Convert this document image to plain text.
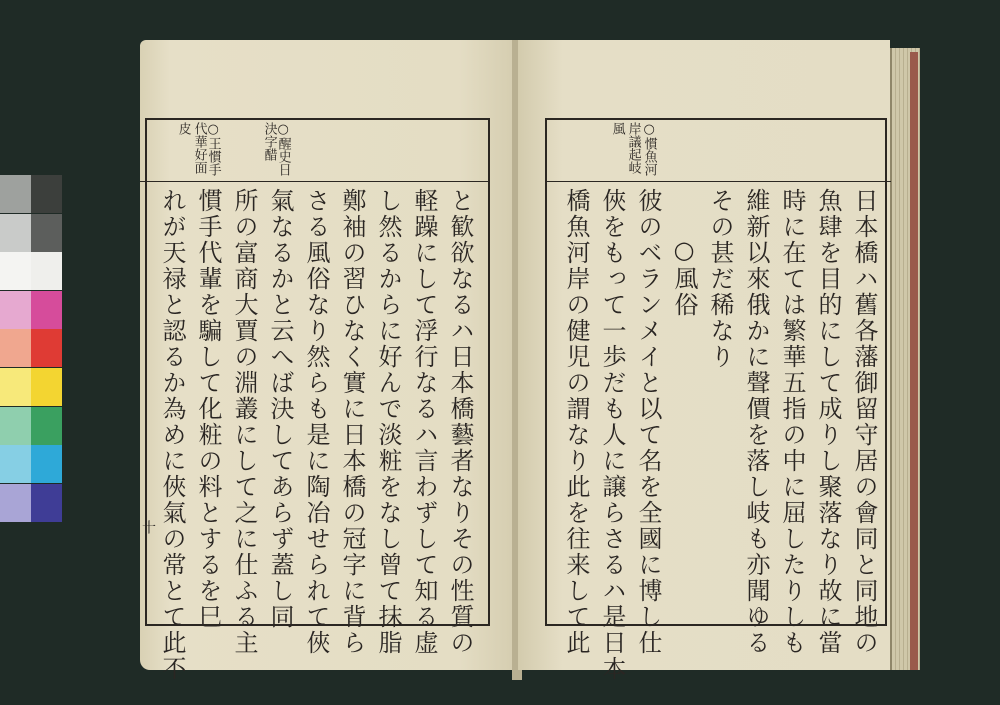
○醒史日
決字醋
○王慣手
代華好面
皮	○慣魚河
岸議起岐
風
と歓欲なるハ日本橋藝者なりその性質の
軽躁にして浮行なるハ言わずして知る虚
し然るからに好んで淡粧をなし曾て抹脂
鄭袖の習ひなく實に日本橋の冠字に背ら
さる風俗なり然らも是に陶冶せられて俠
氣なるかと云へば決してあらず蓋し同
所の富商大賈の淵叢にして之に仕ふる主
慣手代輩を騙して化粧の料とするを巳
れが天禄と認るか為めに俠氣の常とて此不	日本橋ハ舊各藩御留守居の會同と同地の
魚肆を目的にして成りし聚落なり故に當
時に在ては繁華五指の中に屈したりしも
維新以來俄かに聲價を落し岐も亦聞ゆる
その甚だ稀なり
○風俗
彼のベランメイと以て名を全國に博し仕
俠をもって一歩だも人に譲らさるハ是日本
橋魚河岸の健児の謂なり此を往来して此
十
